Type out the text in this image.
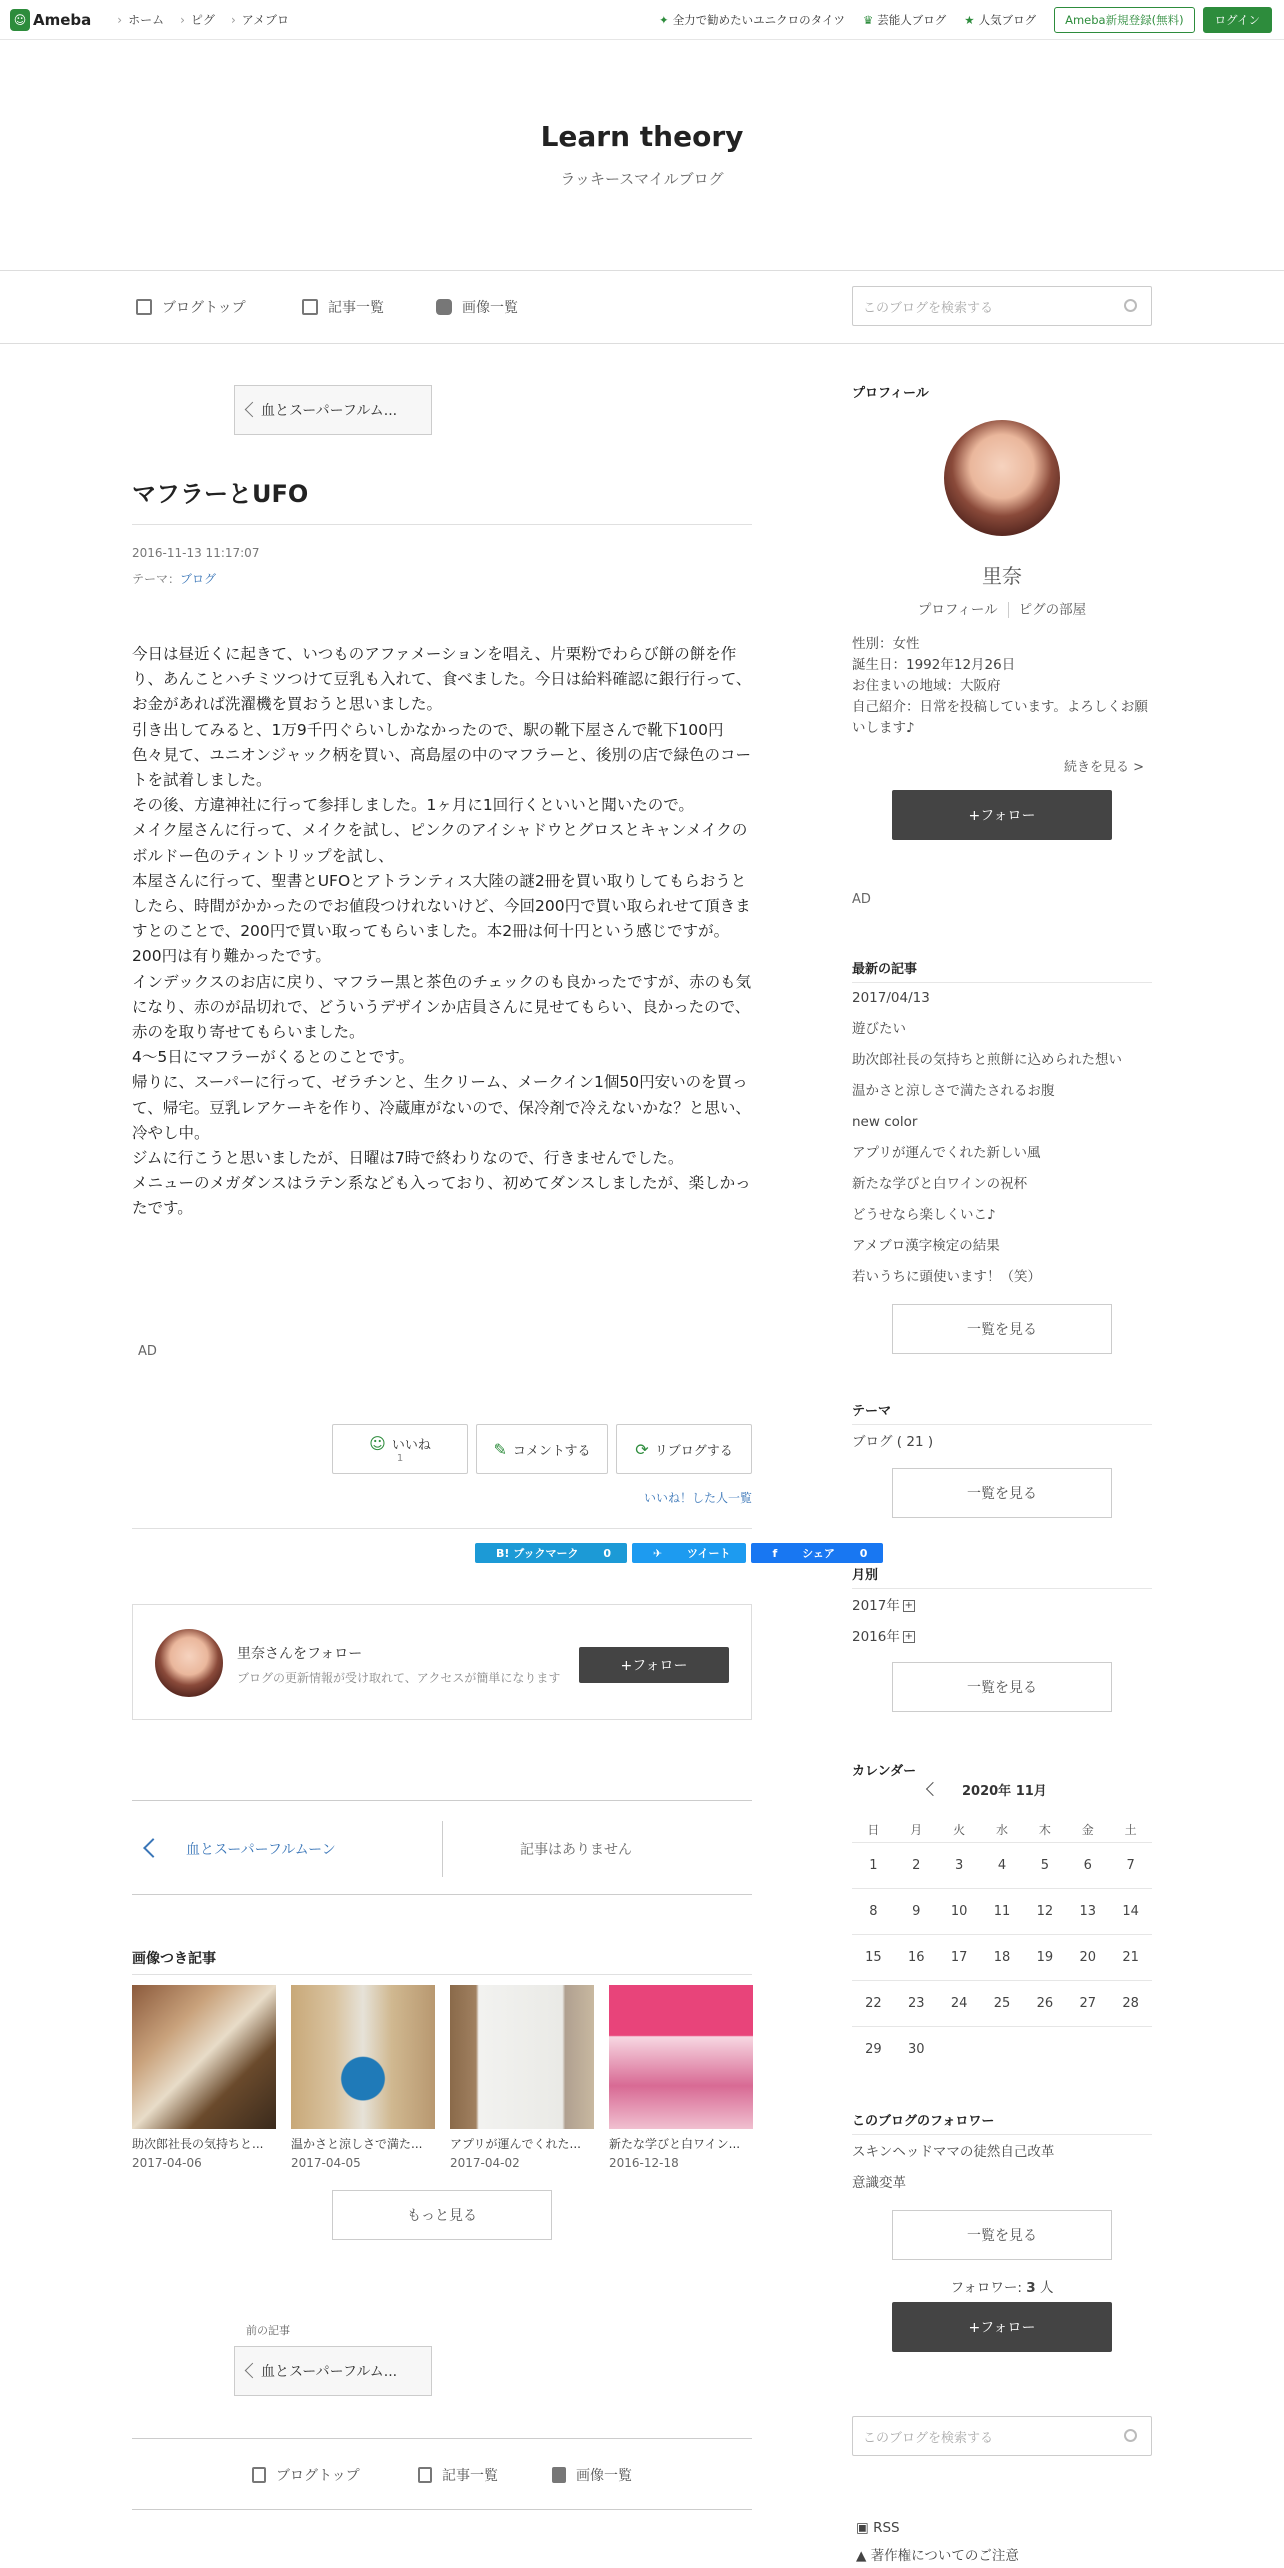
☺ Ameba	› ホーム	› ピグ	› アメブロ	✦ 全力で勧めたいユニクロのタイツ ♛ 芸能人ブログ ★ 人気ブログ	Ameba新規登録(無料)	ログイン
Learn theory
ラッキースマイルブログ
ブログトップ	記事一覧	画像一覧	このブログを検索する
血とスーパーフルム...
マフラーとUFO
2016-11-13 11:17:07
テーマ：ブログ

今日は昼近くに起きて、いつものアファメーションを唱え、片栗粉でわらび餅の餅を作り、あんことハチミツつけて豆乳も入れて、食べました。今日は給料確認に銀行行って、お金があれば洗濯機を買おうと思いました。

引き出してみると、1万9千円ぐらいしかなかったので、駅の靴下屋さんで靴下100円色々見て、ユニオンジャック柄を買い、高島屋の中のマフラーと、後別の店で緑色のコートを試着しました。

その後、方違神社に行って参拝しました。1ヶ月に1回行くといいと聞いたので。

メイク屋さんに行って、メイクを試し、ピンクのアイシャドウとグロスとキャンメイクのボルドー色のティントリップを試し、

本屋さんに行って、聖書とUFOとアトランティス大陸の謎2冊を買い取りしてもらおうとしたら、時間がかかったのでお値段つけれないけど、今回200円で買い取られせて頂きますとのことで、200円で買い取ってもらいました。本2冊は何十円という感じですが。200円は有り難かったです。

インデックスのお店に戻り、マフラー黒と茶色のチェックのも良かったですが、赤のも気になり、赤のが品切れで、どういうデザインか店員さんに見せてもらい、良かったので、赤のを取り寄せてもらいました。

4〜5日にマフラーがくるとのことです。

帰りに、スーパーに行って、ゼラチンと、生クリーム、メークイン1個50円安いのを買って、帰宅。豆乳レアケーキを作り、冷蔵庫がないので、保冷剤で冷えないかな？と思い、冷やし中。

ジムに行こうと思いましたが、日曜は7時で終わりなので、行きませんでした。

メニューのメガダンスはラテン系なども入っており、初めてダンスしましたが、楽しかったです。

AD
☺ いいね
1	✎ コメントする	⟳ リブログする
いいね！した人一覧
B! ブックマーク 0	✈ ツイート	f シェア 0
里奈さんをフォロー
ブログの更新情報が受け取れて、アクセスが簡単になります
+フォロー
血とスーパーフルムーン	記事はありません
画像つき記事
助次郎社長の気持ちと...
2017-04-06
温かさと涼しさで満た...
2017-04-05
アプリが運んでくれた...
2017-04-02
新たな学びと白ワイン...
2016-12-18
もっと見る
前の記事
血とスーパーフルム...
ブログトップ	記事一覧	画像一覧
プロフィール
里奈
プロフィール ピグの部屋
性別：女性
誕生日：1992年12月26日
お住まいの地域：大阪府
自己紹介：日常を投稿しています。よろしくお願いします♪
続きを見る >
+フォロー
AD
最新の記事
2017/04/13
遊びたい
助次郎社長の気持ちと煎餅に込められた想い
温かさと涼しさで満たされるお腹
new color
アプリが運んでくれた新しい風
新たな学びと白ワインの祝杯
どうせなら楽しくいこ♪
アメブロ漢字検定の結果
若いうちに頭使います！（笑）
一覧を見る
テーマ
ブログ ( 21 )
一覧を見る
月別
2017年 +
2016年 +
一覧を見る
カレンダー
2020年 11月
日	月	火	水	木	金	土
1	2	3	4	5	6	7
8	9	10	11	12	13	14
15	16	17	18	19	20	21
22	23	24	25	26	27	28
29	30
このブログのフォロワー
スキンヘッドママの徒然自己改革
意識変革
一覧を見る
フォロワー: 3 人
+フォロー
このブログを検索する
▣ RSS
▲ 著作権についてのご注意
